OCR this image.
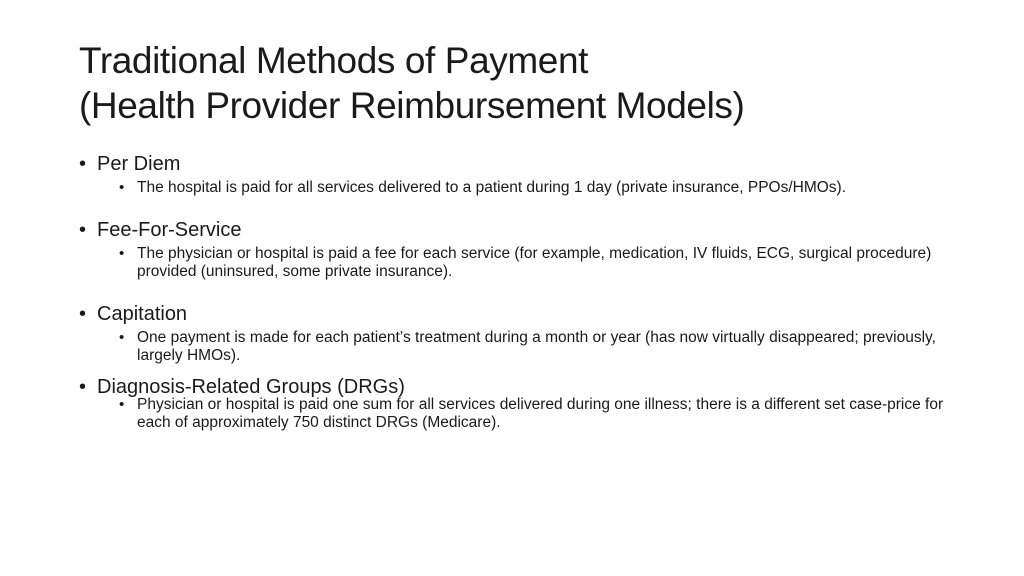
Traditional Methods of Payment
(Health Provider Reimbursement Models)
• Per Diem
• The hospital is paid for all services delivered to a patient during 1 day (private insurance, PPOs/HMOs).
• Fee-For-Service
• The physician or hospital is paid a fee for each service (for example, medication, IV fluids, ECG, surgical procedure) provided (uninsured, some private insurance).
• Capitation
• One payment is made for each patient’s treatment during a month or year (has now virtually disappeared; previously, largely HMOs).
• Diagnosis-Related Groups (DRGs)
• Physician or hospital is paid one sum for all services delivered during one illness; there is a different set case-price for each of approximately 750 distinct DRGs (Medicare).
